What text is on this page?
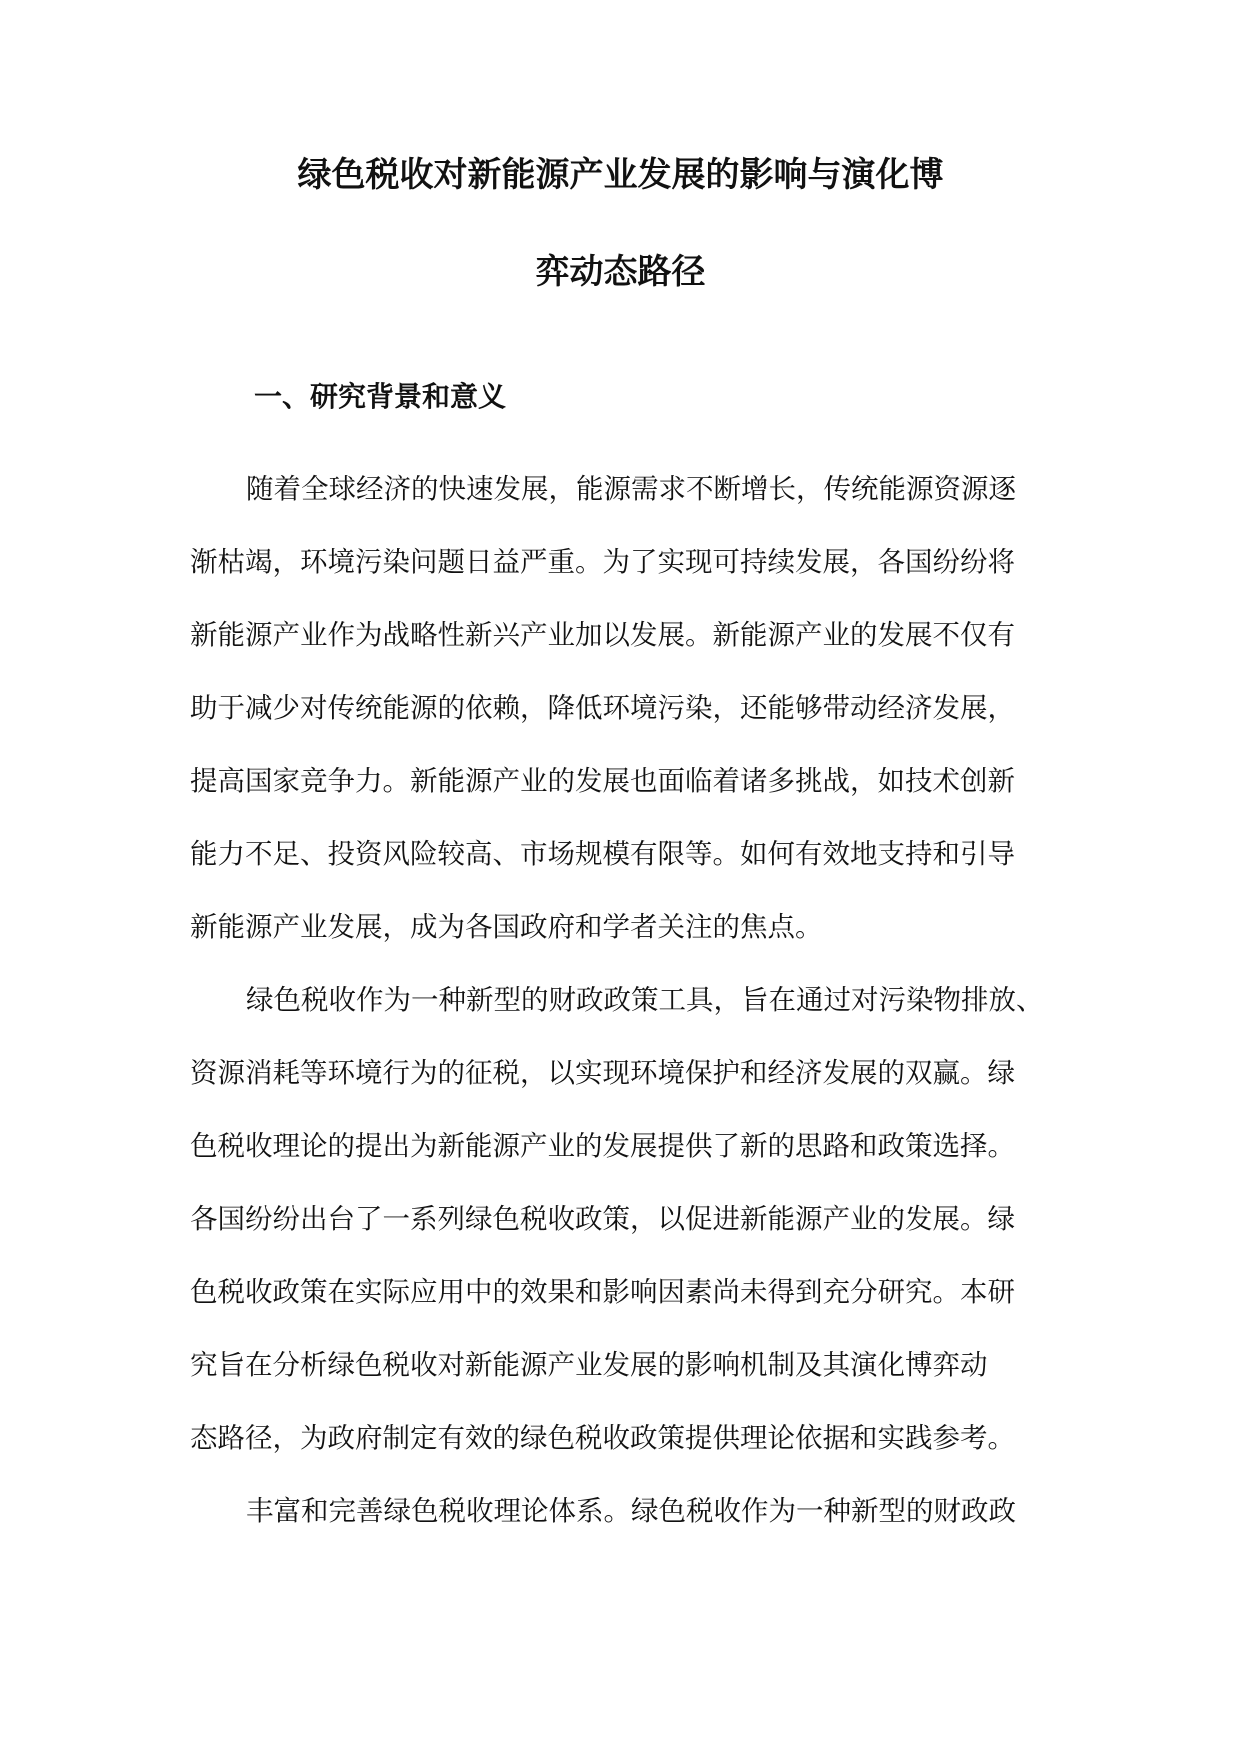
绿色税收对新能源产业发展的影响与演化博
弈动态路径
一、研究背景和意义

随着全球经济的快速发展，能源需求不断增长，传统能源资源逐

渐枯竭，环境污染问题日益严重。为了实现可持续发展，各国纷纷将

新能源产业作为战略性新兴产业加以发展。新能源产业的发展不仅有

助于减少对传统能源的依赖，降低环境污染，还能够带动经济发展，

提高国家竞争力。新能源产业的发展也面临着诸多挑战，如技术创新

能力不足、投资风险较高、市场规模有限等。如何有效地支持和引导

新能源产业发展，成为各国政府和学者关注的焦点。

绿色税收作为一种新型的财政政策工具，旨在通过对污染物排放、

资源消耗等环境行为的征税，以实现环境保护和经济发展的双赢。绿

色税收理论的提出为新能源产业的发展提供了新的思路和政策选择。

各国纷纷出台了一系列绿色税收政策，以促进新能源产业的发展。绿

色税收政策在实际应用中的效果和影响因素尚未得到充分研究。本研

究旨在分析绿色税收对新能源产业发展的影响机制及其演化博弈动

态路径，为政府制定有效的绿色税收政策提供理论依据和实践参考。

丰富和完善绿色税收理论体系。绿色税收作为一种新型的财政政
